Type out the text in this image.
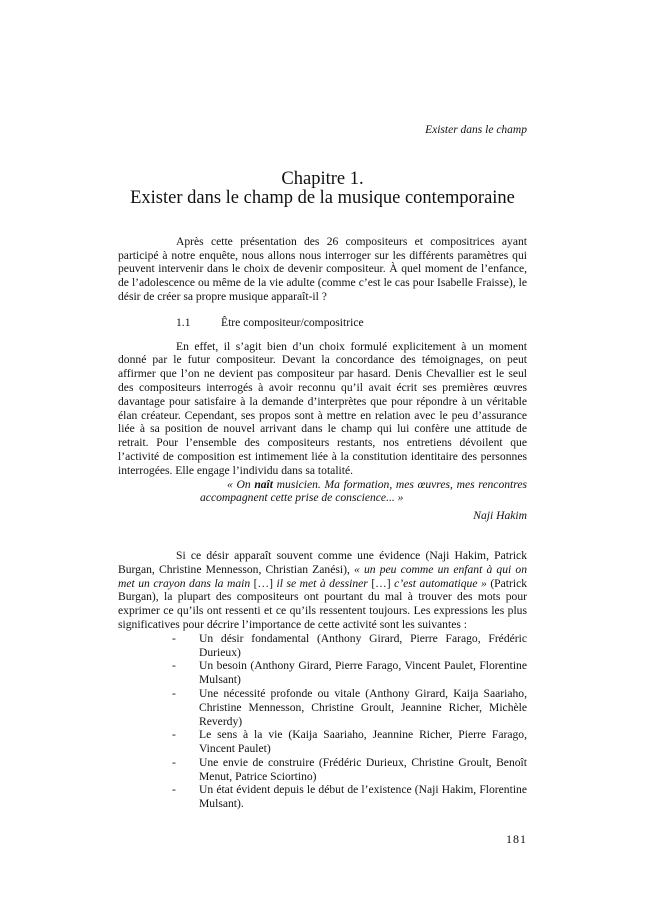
Exister dans le champ
Chapitre 1.
Exister dans le champ de la musique contemporaine

Après cette présentation des 26 compositeurs et compositrices ayant participé à notre enquête, nous allons nous interroger sur les différents paramètres qui peuvent intervenir dans le choix de devenir compositeur. À quel moment de l’enfance, de l’adolescence ou même de la vie adulte (comme c’est le cas pour Isabelle Fraisse), le désir de créer sa propre musique apparaît-il ?

1.1	Être compositeur/compositrice

En effet, il s’agit bien d’un choix formulé explicitement à un moment donné par le futur compositeur. Devant la concordance des témoignages, on peut affirmer que l’on ne devient pas compositeur par hasard. Denis Chevallier est le seul des compositeurs interrogés à avoir reconnu qu’il avait écrit ses premières œuvres davantage pour satisfaire à la demande d’interprètes que pour répondre à un véritable élan créateur. Cependant, ses propos sont à mettre en relation avec le peu d’assurance liée à sa position de nouvel arrivant dans le champ qui lui confère une attitude de retrait. Pour l’ensemble des compositeurs restants, nos entretiens dévoilent que l’activité de composition est intimement liée à la constitution identitaire des personnes interrogées. Elle engage l’individu dans sa totalité.

« On naît musicien. Ma formation, mes œuvres, mes rencontres accompagnent cette prise de conscience... »
Naji Hakim

Si ce désir apparaît souvent comme une évidence (Naji Hakim, Patrick Burgan, Christine Mennesson, Christian Zanési), « un peu comme un enfant à qui on met un crayon dans la main […] il se met à dessiner […] c’est automatique » (Patrick Burgan), la plupart des compositeurs ont pourtant du mal à trouver des mots pour exprimer ce qu’ils ont ressenti et ce qu’ils ressentent toujours. Les expressions les plus significatives pour décrire l’importance de cette activité sont les suivantes :

- Un désir fondamental (Anthony Girard, Pierre Farago, Frédéric Durieux)
- Un besoin (Anthony Girard, Pierre Farago, Vincent Paulet, Florentine Mulsant)
- Une nécessité profonde ou vitale (Anthony Girard, Kaija Saariaho, Christine Mennesson, Christine Groult, Jeannine Richer, Michèle Reverdy)
- Le sens à la vie (Kaija Saariaho, Jeannine Richer, Pierre Farago, Vincent Paulet)
- Une envie de construire (Frédéric Durieux, Christine Groult, Benoît Menut, Patrice Sciortino)
- Un état évident depuis le début de l’existence (Naji Hakim, Florentine Mulsant).
181
